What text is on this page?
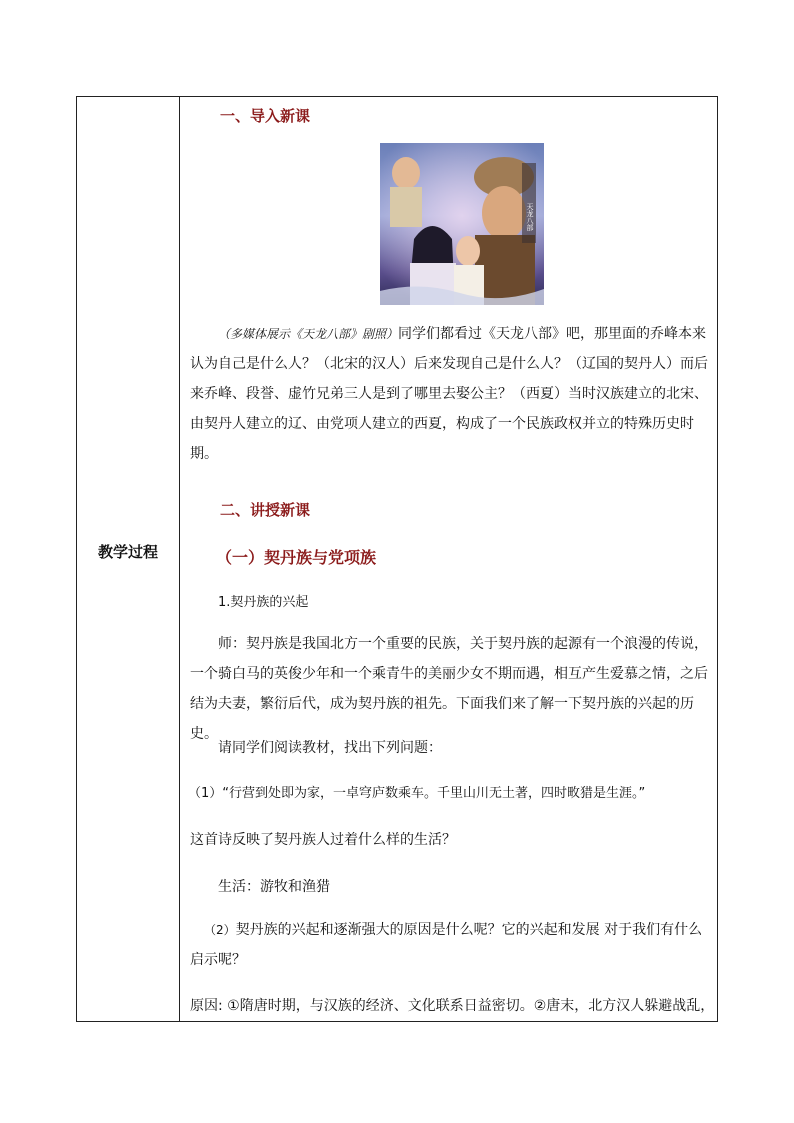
教学过程
一、导入新课
天龙八部
（多媒体展示《天龙八部》剧照）同学们都看过《天龙八部》吧，那里面的乔峰本来认为自己是什么人？（北宋的汉人）后来发现自己是什么人？（辽国的契丹人）而后来乔峰、段誉、虚竹兄弟三人是到了哪里去娶公主？（西夏）当时汉族建立的北宋、由契丹人建立的辽、由党项人建立的西夏，构成了一个民族政权并立的特殊历史时期。
二、讲授新课
（一）契丹族与党项族
1.契丹族的兴起
师：契丹族是我国北方一个重要的民族，关于契丹族的起源有一个浪漫的传说，一个骑白马的英俊少年和一个乘青牛的美丽少女不期而遇，相互产生爱慕之情，之后结为夫妻，繁衍后代，成为契丹族的祖先。下面我们来了解一下契丹族的兴起的历史。
请同学们阅读教材，找出下列问题：
（1）“行营到处即为家，一卓穹庐数乘车。千里山川无土著，四时畋猎是生涯。”
这首诗反映了契丹族人过着什么样的生活？
生活：游牧和渔猎
（2）契丹族的兴起和逐渐强大的原因是什么呢？它的兴起和发展 对于我们有什么启示呢？
原因: ①隋唐时期，与汉族的经济、文化联系日益密切。②唐末，北方汉人躲避战乱，
